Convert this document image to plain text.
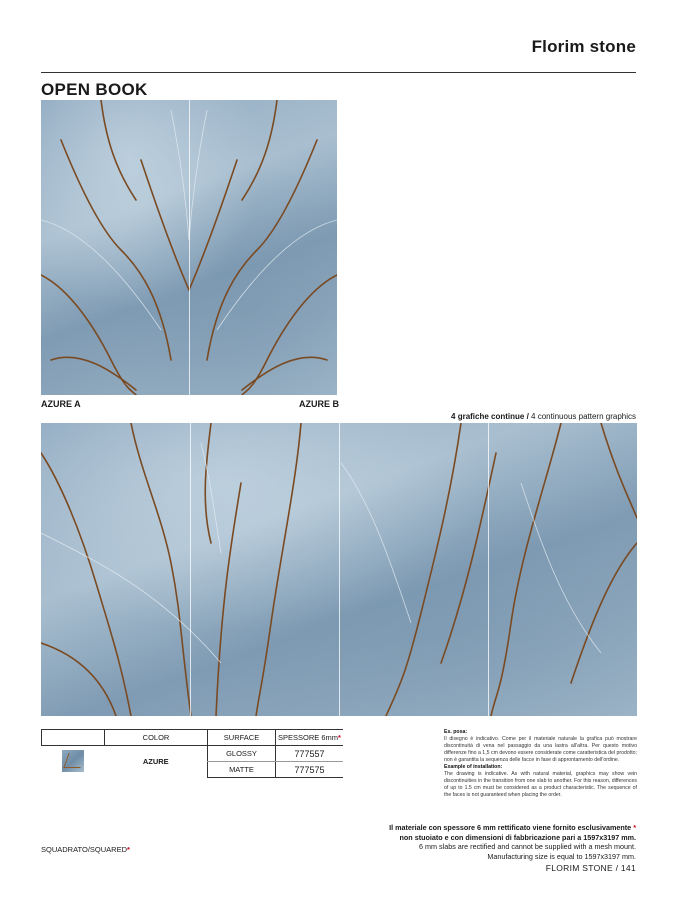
Florim stone
OPEN BOOK
AZURE A	AZURE B
4 grafiche continue / 4 continuous pattern graphics
	COLOR	SURFACE	SPESSORE 6mm*
	AZURE	GLOSSY	777557
		MATTE	777575
Es. posa:
Il disegno è indicativo. Come per il materiale naturale la grafica può mostrare discontinuità di vena nel passaggio da una lastra all'altra. Per questo motivo differenze fino a 1,5 cm devono essere considerate come caratteristica del prodotto; non è garantita la sequenza delle facce in fase di approntamento dell'ordine.
Example of installation:
The drawing is indicative. As with natural material, graphics may show vein discontinuities in the transition from one slab to another. For this reason, differences of up to 1.5 cm must be considered as a product characteristic. The sequence of the faces is not guaranteed when placing the order.
Il materiale con spessore 6 mm rettificato viene fornito esclusivamente *
non stuoiato e con dimensioni di fabbricazione pari a 1597x3197 mm.
6 mm slabs are rectified and cannot be supplied with a mesh mount.
Manufacturing size is equal to 1597x3197 mm.
SQUADRATO/SQUARED*
FLORIM STONE / 141
